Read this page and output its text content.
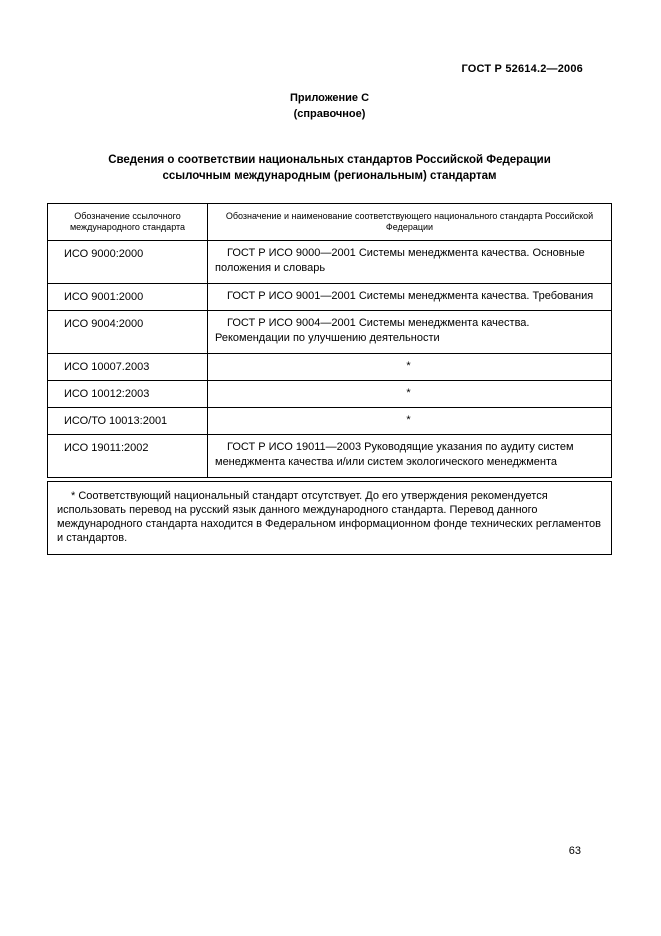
ГОСТ Р 52614.2—2006
Приложение С
(справочное)
Сведения о соответствии национальных стандартов Российской Федерации
ссылочным международным (региональным) стандартам
Обозначение ссылочного международного стандарта	Обозначение и наименование соответствующего национального стандарта Российской Федерации
ИСО 9000:2000	ГОСТ Р ИСО 9000—2001 Системы менеджмента качества. Основные положения и словарь
ИСО 9001:2000	ГОСТ Р ИСО 9001—2001 Системы менеджмента качества. Требования
ИСО 9004:2000	ГОСТ Р ИСО 9004—2001 Системы менеджмента качества. Рекомендации по улучшению деятельности
ИСО 10007.2003	*
ИСО 10012:2003	*
ИСО/ТО 10013:2001	*
ИСО 19011:2002	ГОСТ Р ИСО 19011—2003 Руководящие указания по аудиту систем менеджмента качества и/или систем экологического менеджмента

* Соответствующий национальный стандарт отсутствует. До его утверждения рекомендуется использовать перевод на русский язык данного международного стандарта. Перевод данного международного стандарта находится в Федеральном информационном фонде технических регламентов и стандартов.

63
